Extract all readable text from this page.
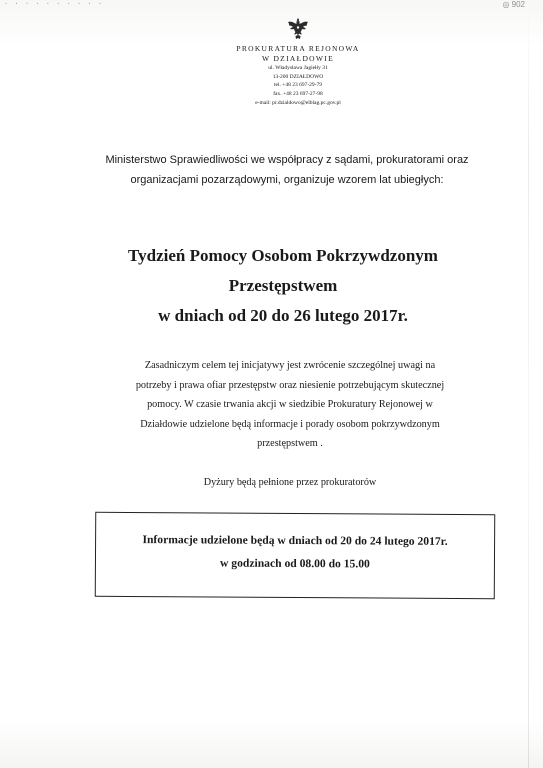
· · · · · · · · · ·	◎ 902
PROKURATURA REJONOWA
W DZIAŁDOWIE
ul. Władysława Jagiełły 31
13-200 DZIAŁDOWO
tel. +48 23 697-29-79
fax. +48 23 697-27-98
e-mail: pr.dzialdowo@elblag.pc.gov.pl
Ministerstwo Sprawiedliwości we współpracy z sądami, prokuratorami oraz organizacjami pozarządowymi, organizuje wzorem lat ubiegłych:
Tydzień Pomocy Osobom Pokrzywdzonym
Przestępstwem
w dniach od 20 do 26 lutego 2017r.
Zasadniczym celem tej inicjatywy jest zwrócenie szczególnej uwagi na
potrzeby i prawa ofiar przestępstw oraz niesienie potrzebującym skutecznej
pomocy. W czasie trwania akcji w siedzibie Prokuratury Rejonowej w
Działdowie udzielone będą informacje i porady osobom pokrzywdzonym
przestępstwem .
Dyżury będą pełnione przez prokuratorów
Informacje udzielone będą w dniach od 20 do 24 lutego 2017r.
w godzinach od 08.00 do 15.00
